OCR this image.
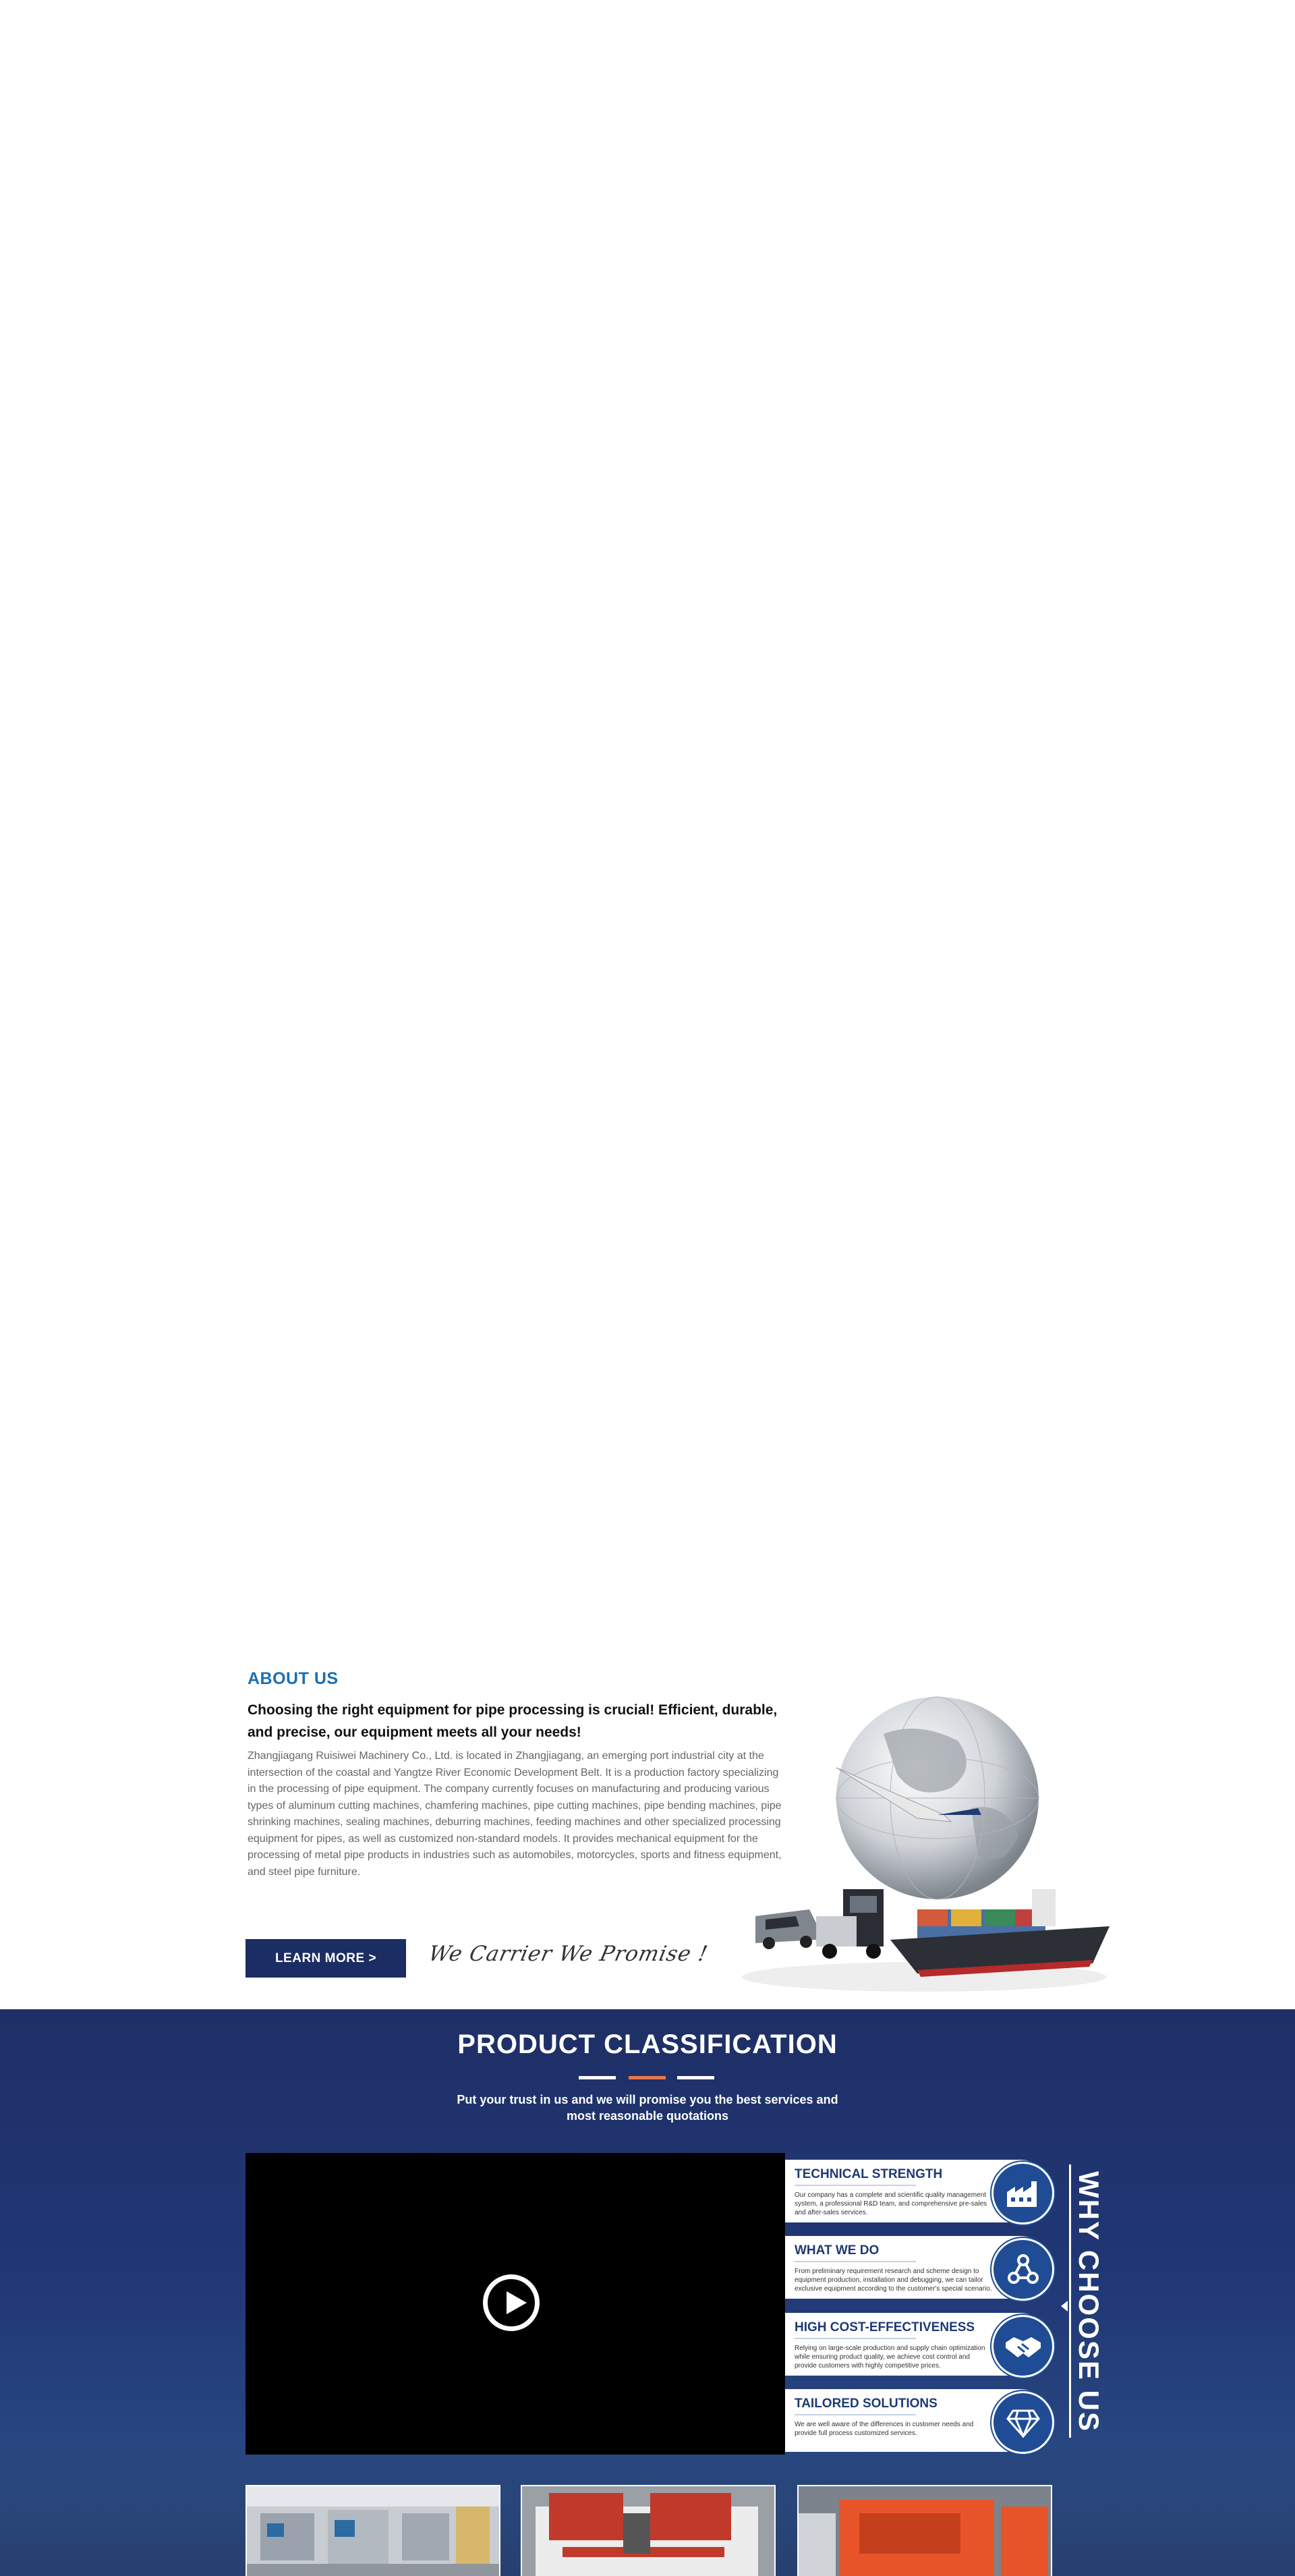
ABOUT US
Choosing the right equipment for pipe processing is crucial! Efficient, durable, and precise, our equipment meets all your needs!
Zhangjiagang Ruisiwei Machinery Co., Ltd. is located in Zhangjiagang, an emerging port industrial city at the intersection of the coastal and Yangtze River Economic Development Belt. It is a production factory specializing in the processing of pipe equipment. The company currently focuses on manufacturing and producing various types of aluminum cutting machines, chamfering machines, pipe cutting machines, pipe bending machines, pipe shrinking machines, sealing machines, deburring machines, feeding machines and other specialized processing equipment for pipes, as well as customized non-standard models. It provides mechanical equipment for the processing of metal pipe products in industries such as automobiles, motorcycles, sports and fitness equipment, and steel pipe furniture.
LEARN MORE >	We Carrier We Promise !
PRODUCT CLASSIFICATION
Put your trust in us and we will promise you the best services and most reasonable quotations
TECHNICAL STRENGTH
Our company has a complete and scientific quality management system, a professional R&D team, and comprehensive pre-sales and after-sales services.
WHAT WE DO
From preliminary requirement research and scheme design to equipment production, installation and debugging, we can tailor exclusive equipment according to the customer's special scenario.
HIGH COST-EFFECTIVENESS
Relying on large-scale production and supply chain optimization while ensuring product quality, we achieve cost control and provide customers with highly competitive prices.
TAILORED SOLUTIONS
We are well aware of the differences in customer needs and provide full process customized services.
WHY CHOOSE US
